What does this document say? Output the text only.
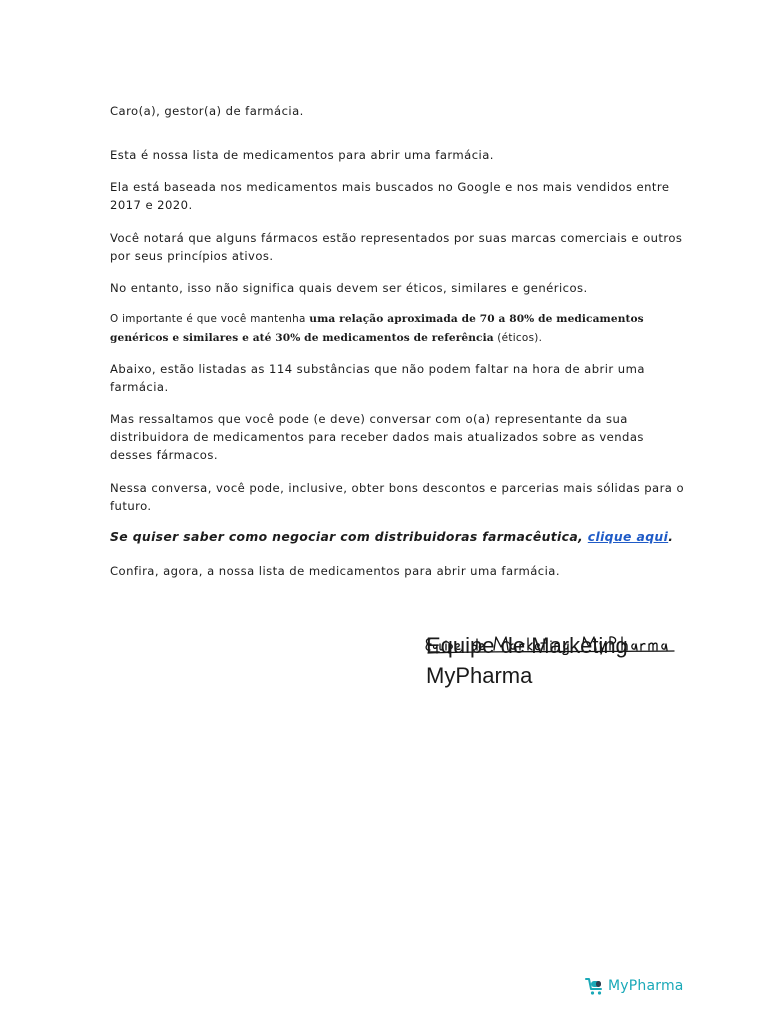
Caro(a), gestor(a) de farmácia.

Esta é nossa lista de medicamentos para abrir uma farmácia.

Ela está baseada nos medicamentos mais buscados no Google e nos mais vendidos entre 2017 e 2020.

Você notará que alguns fármacos estão representados por suas marcas comerciais e outros por seus princípios ativos.

No entanto, isso não significa quais devem ser éticos, similares e genéricos.

O importante é que você mantenha uma relação aproximada de 70 a 80% de medicamentos genéricos e similares e até 30% de medicamentos de referência (éticos).

Abaixo, estão listadas as 114 substâncias que não podem faltar na hora de abrir uma farmácia.

Mas ressaltamos que você pode (e deve) conversar com o(a) representante da sua distribuidora de medicamentos para receber dados mais atualizados sobre as vendas desses fármacos.

Nessa conversa, você pode, inclusive, obter bons descontos e parcerias mais sólidas para o futuro.

Se quiser saber como negociar com distribuidoras farmacêutica, clique aqui.

Confira, agora, a nossa lista de medicamentos para abrir uma farmácia.

Equipe de Marketing
MyPharma
MyPharma
